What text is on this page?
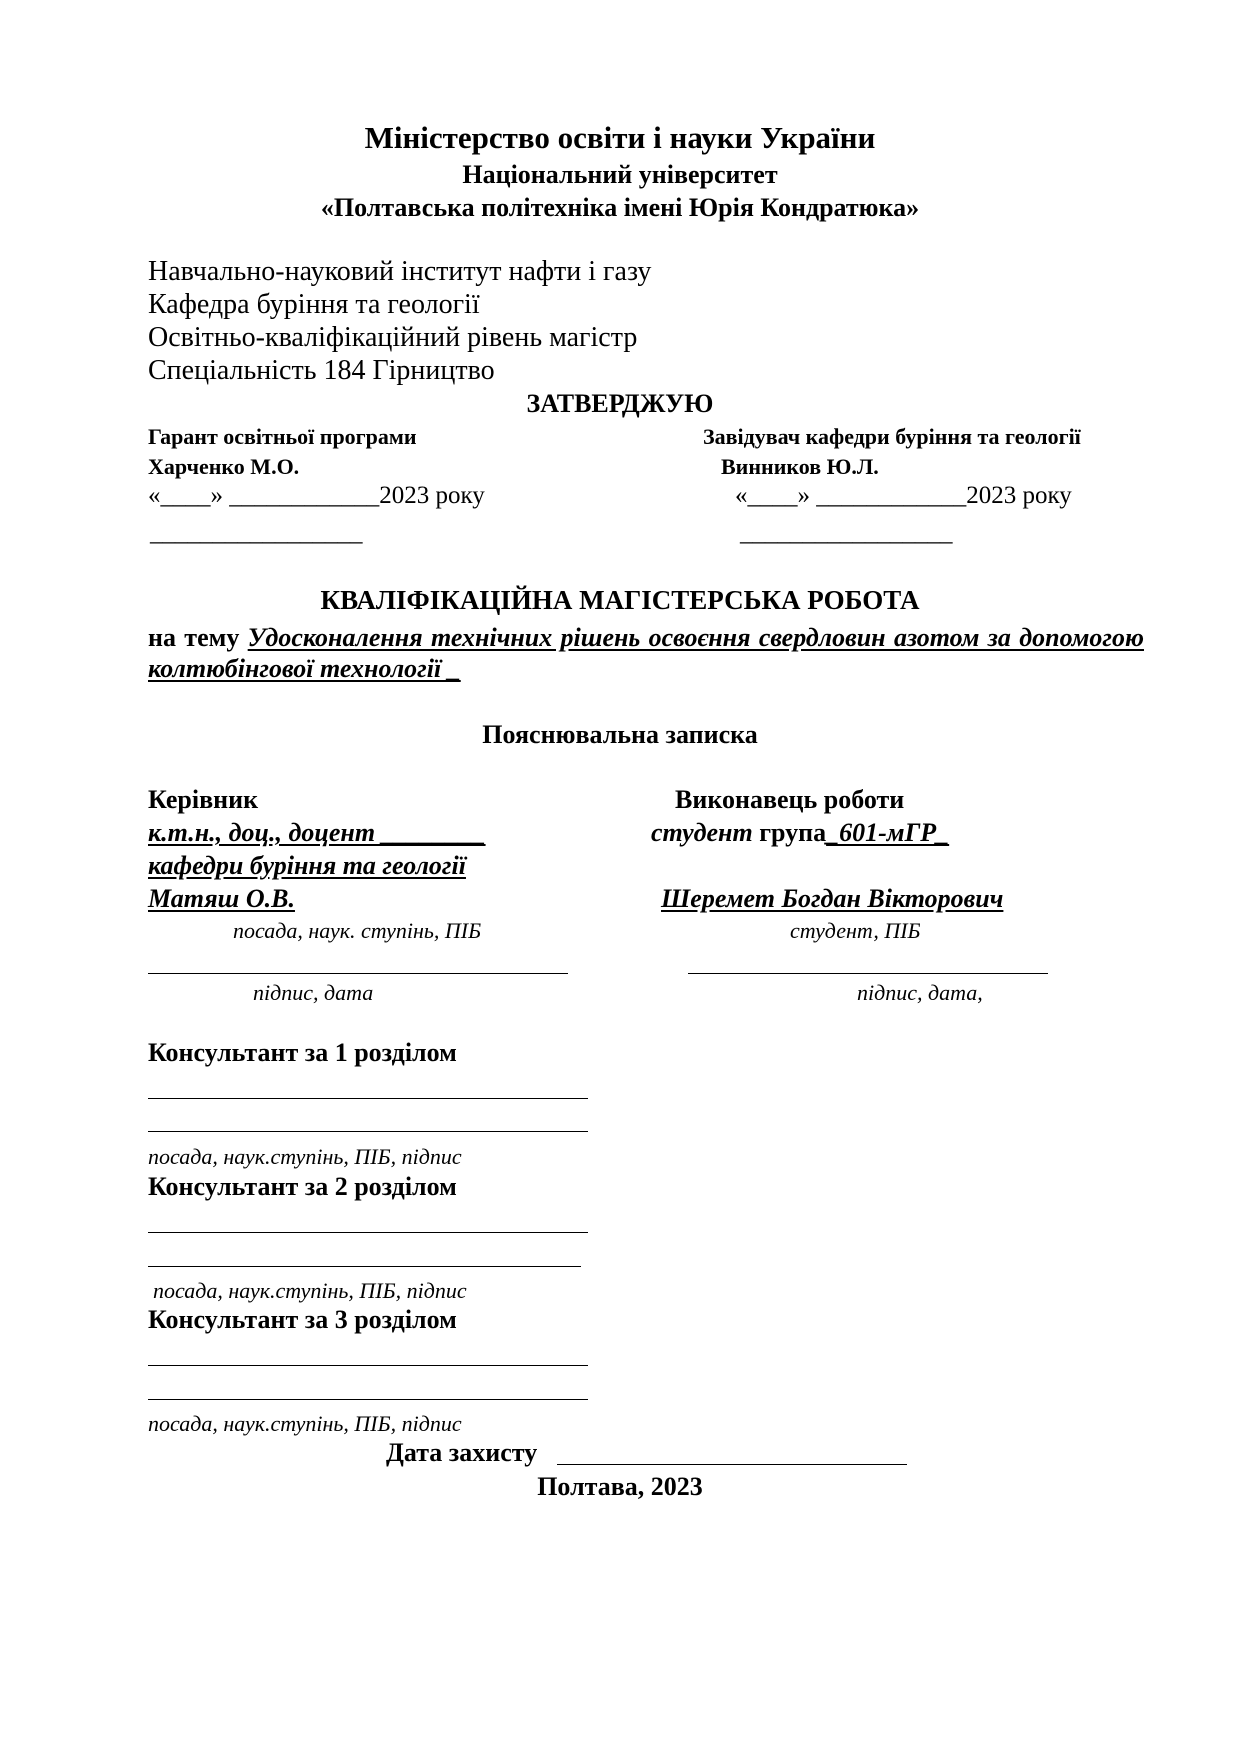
Міністерство освіти і науки України
Національний університет
«Полтавська політехніка імені Юрія Кондратюка»
Навчально-науковий інститут нафти і газу
Кафедра буріння та геології
Освітньо-кваліфікаційний рівень магістр
Спеціальність 184 Гірництво
ЗАТВЕРДЖУЮ
Гарант освітньої програми
Харченко М.О.
«____» ____________2023 року
_________________
Завідувач кафедри буріння та геології
Винников Ю.Л.
«____» ____________2023 року
_________________
КВАЛІФІКАЦІЙНА МАГІСТЕРСЬКА РОБОТА
на тему Удосконалення технічних рішень освоєння свердловин азотом за допомогою колтюбінгової технології _
Пояснювальна записка
Керівник
к.т.н., доц., доцент ________
кафедри буріння та геології
Матяш О.В.
посада, наук. ступінь, ПІБ
підпис, дата
Виконавець роботи
студент група_601-мГР_
Шеремет Богдан Вікторович
студент, ПІБ
підпис, дата,
Консультант за 1 розділом
посада, наук.ступінь, ПІБ, підпис
Консультант за 2 розділом
посада, наук.ступінь, ПІБ, підпис
Консультант за 3 розділом
посада, наук.ступінь, ПІБ, підпис
Дата захисту
Полтава, 2023
